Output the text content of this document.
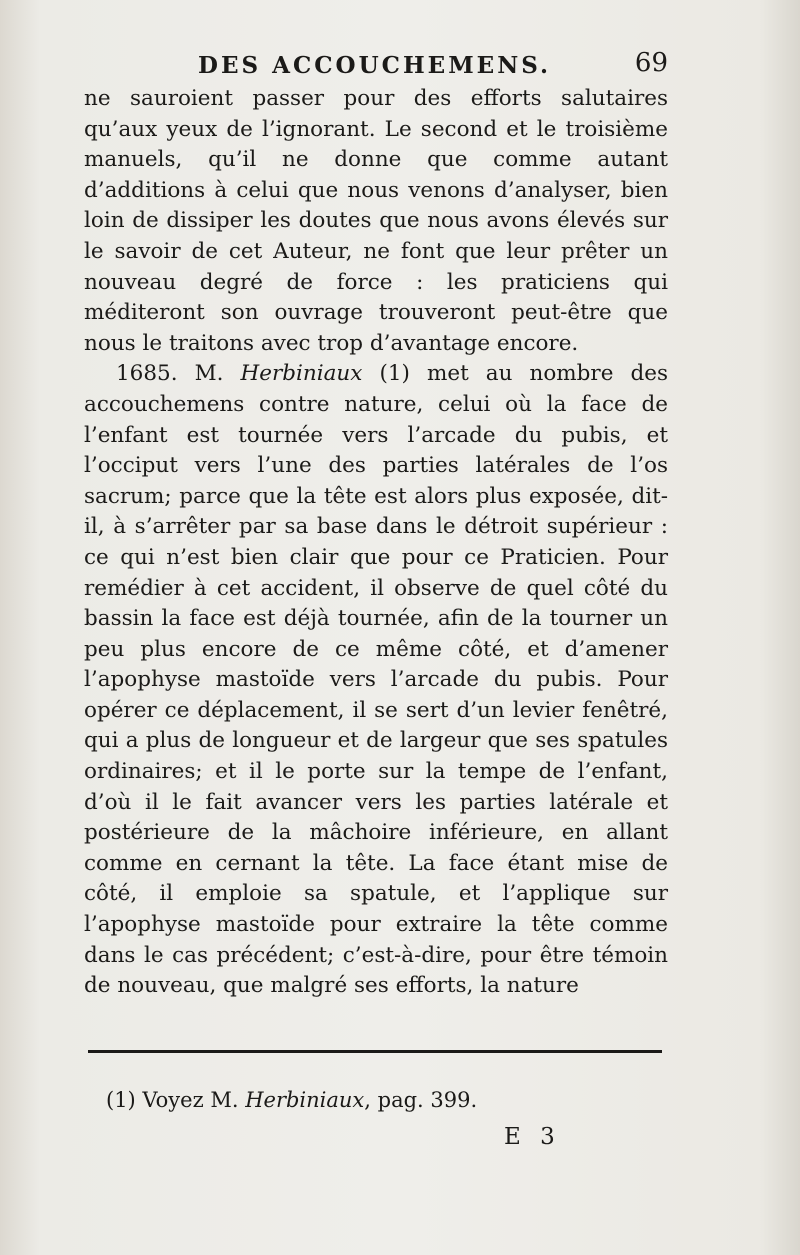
DES ACCOUCHEMENS.	69

ne sauroient passer pour des efforts salutaires qu’aux yeux de l’ignorant. Le second et le troisième manuels, qu’il ne donne que comme autant d’additions à celui que nous venons d’analyser, bien loin de dissiper les doutes que nous avons élevés sur le savoir de cet Auteur, ne font que leur prêter un nouveau degré de force : les praticiens qui méditeront son ouvrage trouveront peut-être que nous le traitons avec trop d’avantage encore.

1685. M. Herbiniaux (1) met au nombre des accouchemens contre nature, celui où la face de l’enfant est tournée vers l’arcade du pubis, et l’occiput vers l’une des parties latérales de l’os sacrum; parce que la tête est alors plus exposée, dit-il, à s’arrêter par sa base dans le détroit supérieur : ce qui n’est bien clair que pour ce Praticien. Pour remédier à cet accident, il observe de quel côté du bassin la face est déjà tournée, afin de la tourner un peu plus encore de ce même côté, et d’amener l’apophyse mastoïde vers l’arcade du pubis. Pour opérer ce déplacement, il se sert d’un levier fenêtré, qui a plus de longueur et de largeur que ses spatules ordinaires; et il le porte sur la tempe de l’enfant, d’où il le fait avancer vers les parties latérale et postérieure de la mâchoire inférieure, en allant comme en cernant la tête. La face étant mise de côté, il emploie sa spatule, et l’applique sur l’apophyse mastoïde pour extraire la tête comme dans le cas précédent; c’est-à-dire, pour être témoin de nouveau, que malgré ses efforts, la nature

(1) Voyez M. Herbiniaux, pag. 399.
E 3
